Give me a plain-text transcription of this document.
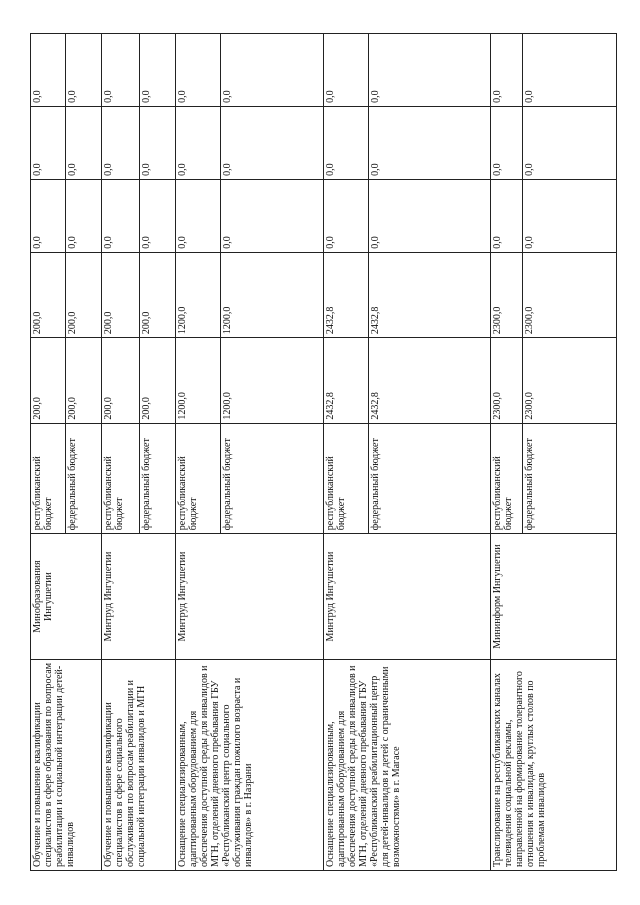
Обучение и повышение квалификации специалистов в сфере образования по вопросам реабилитации и социальной интеграции детей-инвалидов	Минобразования Ингушетии	республиканский бюджет	200,0	200,0	0,0	0,0	0,0
		федеральный бюджет	200,0	200,0	0,0	0,0	0,0
Обучение и повышение квалификации специалистов в сфере социального обслуживания по вопросам реабилитации и социальной интеграции инвалидов и МГН	Минтруд Ингушетии	республиканский бюджет	200,0	200,0	0,0	0,0	0,0
		федеральный бюджет	200,0	200,0	0,0	0,0	0,0
Оснащение специализированным, адаптированным оборудованием для обеспечения доступной среды для инвалидов и МГН, отделений дневного пребывания ГБУ «Республиканский центр социального обслуживания граждан пожилого возраста и инвалидов» в г. Назрани	Минтруд Ингушетии	республиканский бюджет	1200,0	1200,0	0,0	0,0	0,0
		федеральный бюджет	1200,0	1200,0	0,0	0,0	0,0
Оснащение специализированным, адаптированным оборудованием для обеспечения доступной среды для инвалидов и МГН, отделений дневного пребывания ГБУ «Республиканский реабилитационный центр для детей-инвалидов и детей с ограниченными возможностями» в г. Магасе	Минтруд Ингушетии	республиканский бюджет	2432,8	2432,8	0,0	0,0	0,0
		федеральный бюджет	2432,8	2432,8	0,0	0,0	0,0
Транслирование на республиканских каналах телевидения социальной рекламы, направленной на формирование толерантного отношения к инвалидам, круглых столов по проблемам инвалидов	Мининформ Ингушетии	республиканский бюджет	2300,0	2300,0	0,0	0,0	0,0
		федеральный бюджет	2300,0	2300,0	0,0	0,0	0,0
